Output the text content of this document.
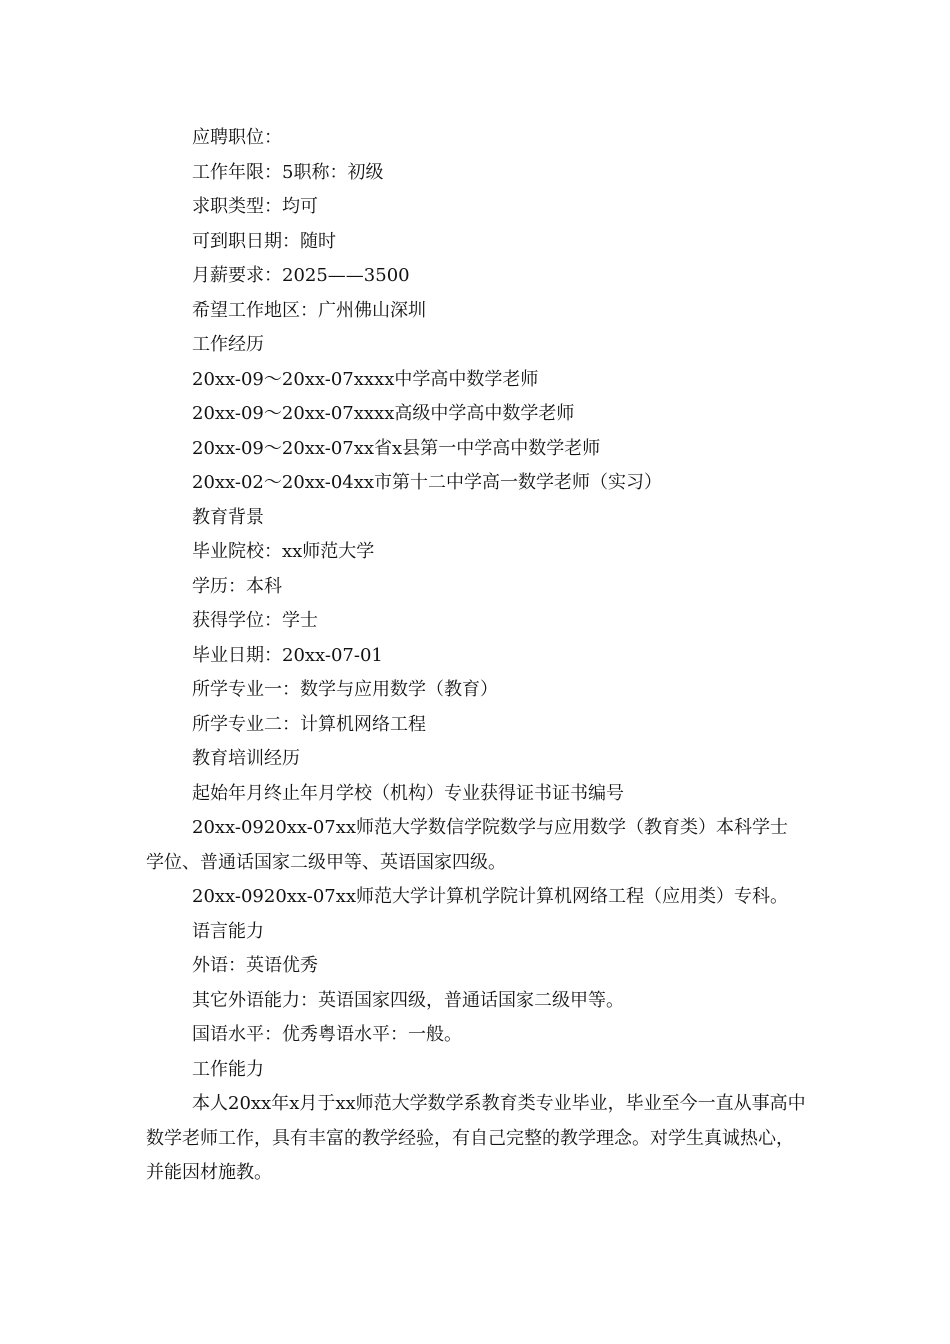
应聘职位：

工作年限：5职称：初级

求职类型：均可

可到职日期：随时

月薪要求：2025——3500

希望工作地区：广州佛山深圳

工作经历

20xx-09～20xx-07xxxx中学高中数学老师

20xx-09～20xx-07xxxx高级中学高中数学老师

20xx-09～20xx-07xx省x县第一中学高中数学老师

20xx-02～20xx-04xx市第十二中学高一数学老师（实习）

教育背景

毕业院校：xx师范大学

学历：本科

获得学位：学士

毕业日期：20xx-07-01

所学专业一：数学与应用数学（教育）

所学专业二：计算机网络工程

教育培训经历

起始年月终止年月学校（机构）专业获得证书证书编号

20xx-0920xx-07xx师范大学数信学院数学与应用数学（教育类）本科学士学位、普通话国家二级甲等、英语国家四级。

20xx-0920xx-07xx师范大学计算机学院计算机网络工程（应用类）专科。

语言能力

外语：英语优秀

其它外语能力：英语国家四级，普通话国家二级甲等。

国语水平：优秀粤语水平：一般。

工作能力

本人20xx年x月于xx师范大学数学系教育类专业毕业，毕业至今一直从事高中数学老师工作，具有丰富的教学经验，有自己完整的教学理念。对学生真诚热心，并能因材施教。
